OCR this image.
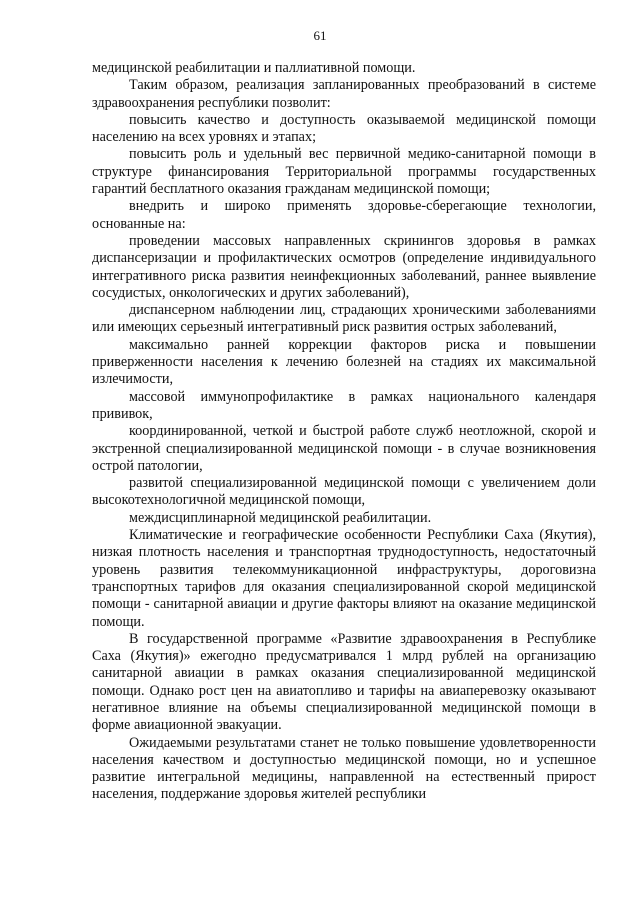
61

медицинской реабилитации и паллиативной помощи.

Таким образом, реализация запланированных преобразований в системе здравоохранения республики позволит:

повысить качество и доступность оказываемой медицинской помощи населению на всех уровнях и этапах;

повысить роль и удельный вес первичной медико-санитарной помощи в структуре финансирования Территориальной программы государственных гарантий бесплатного оказания гражданам медицинской помощи;

внедрить и широко применять здоровье-сберегающие технологии, основанные на:

проведении массовых направленных скринингов здоровья в рамках диспансеризации и профилактических осмотров (определение индивидуального интегративного риска развития неинфекционных заболеваний, раннее выявление сосудистых, онкологических и других заболеваний),

диспансерном наблюдении лиц, страдающих хроническими заболеваниями или имеющих серьезный интегративный риск развития острых заболеваний,

максимально ранней коррекции факторов риска и повышении приверженности населения к лечению болезней на стадиях их максимальной излечимости,

массовой иммунопрофилактике в рамках национального календаря прививок,

координированной, четкой и быстрой работе служб неотложной, скорой и экстренной специализированной медицинской помощи - в случае возникновения острой патологии,

развитой специализированной медицинской помощи с увеличением доли высокотехнологичной медицинской помощи,

междисциплинарной медицинской реабилитации.

Климатические и географические особенности Республики Саха (Якутия), низкая плотность населения и транспортная труднодоступность, недостаточный уровень развития телекоммуникационной инфраструктуры, дороговизна транспортных тарифов для оказания специализированной скорой медицинской помощи - санитарной авиации и другие факторы влияют на оказание медицинской помощи.

В государственной программе «Развитие здравоохранения в Республике Саха (Якутия)» ежегодно предусматривался 1 млрд рублей на организацию санитарной авиации в рамках оказания специализированной медицинской помощи. Однако рост цен на авиатопливо и тарифы на авиаперевозку оказывают негативное влияние на объемы специализированной медицинской помощи в форме авиационной эвакуации.

Ожидаемыми результатами станет не только повышение удовлетворенности населения качеством и доступностью медицинской помощи, но и успешное развитие интегральной медицины, направленной на естественный прирост населения, поддержание здоровья жителей республики
